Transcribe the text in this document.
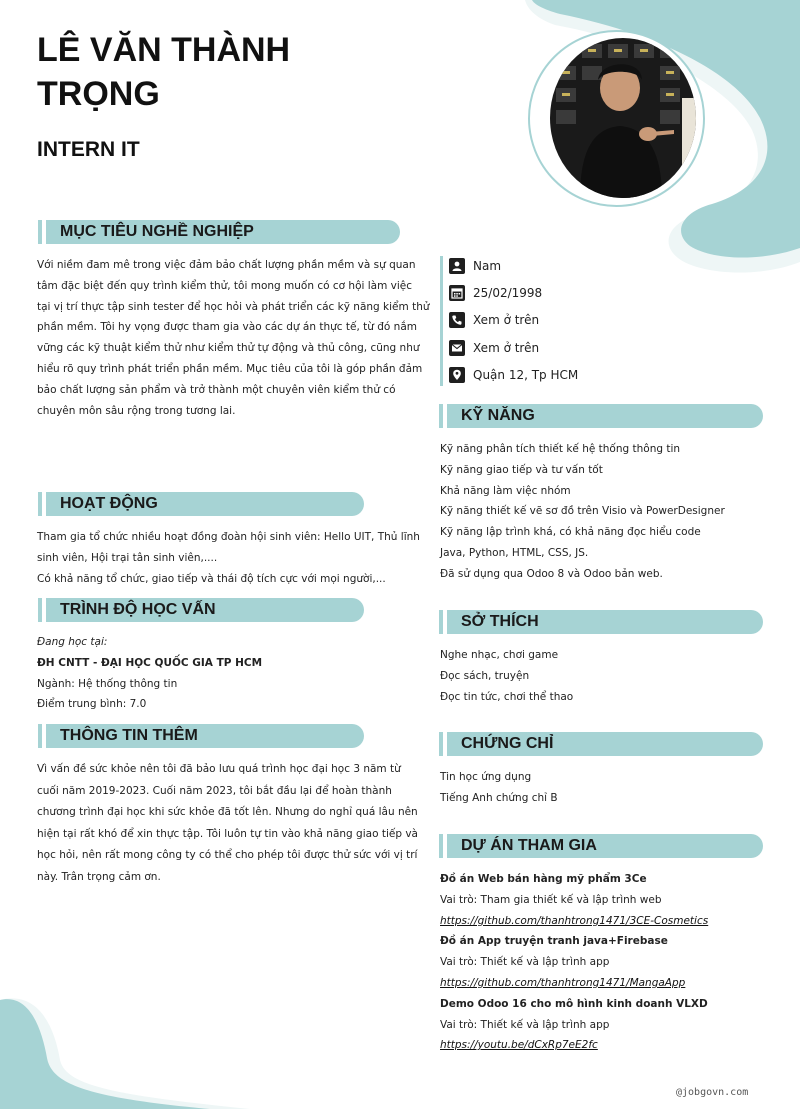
LÊ VĂN THÀNH
TRỌNG
INTERN IT
MỤC TIÊU NGHỀ NGHIỆP
Với niềm đam mê trong việc đảm bảo chất lượng phần mềm và sự quan
tâm đặc biệt đến quy trình kiểm thử, tôi mong muốn có cơ hội làm việc
tại vị trí thực tập sinh tester để học hỏi và phát triển các kỹ năng kiểm thử
phần mềm. Tôi hy vọng được tham gia vào các dự án thực tế, từ đó nắm
vững các kỹ thuật kiểm thử như kiểm thử tự động và thủ công, cũng như
hiểu rõ quy trình phát triển phần mềm. Mục tiêu của tôi là góp phần đảm
bảo chất lượng sản phẩm và trở thành một chuyên viên kiểm thử có
chuyên môn sâu rộng trong tương lai.
HOẠT ĐỘNG
Tham gia tổ chức nhiều hoạt đồng đoàn hội sinh viên: Hello UIT, Thủ lĩnh
sinh viên, Hội trại tân sinh viên,....
Có khả năng tổ chức, giao tiếp và thái độ tích cực với mọi người,...
TRÌNH ĐỘ HỌC VẤN
Đang học tại:
ĐH CNTT - ĐẠI HỌC QUỐC GIA TP HCM
Ngành: Hệ thống thông tin
Điểm trung bình: 7.0
THÔNG TIN THÊM
Vì vấn đề sức khỏe nên tôi đã bảo lưu quá trình học đại học 3 năm từ
cuối năm 2019-2023. Cuối năm 2023, tôi bắt đầu lại để hoàn thành
chương trình đại học khi sức khỏe đã tốt lên. Nhưng do nghỉ quá lâu nên
hiện tại rất khó để xin thực tập. Tôi luôn tự tin vào khả năng giao tiếp và
học hỏi, nên rất mong công ty có thể cho phép tôi được thử sức với vị trí
này. Trân trọng cảm ơn.
Nam
25/02/1998
Xem ở trên
Xem ở trên
Quận 12, Tp HCM
KỸ NĂNG
Kỹ năng phân tích thiết kế hệ thống thông tin
Kỹ năng giao tiếp và tư vấn tốt
Khả năng làm việc nhóm
Kỹ năng thiết kế vẽ sơ đồ trên Visio và PowerDesigner
Kỹ năng lập trình khá, có khả năng đọc hiểu code
Java, Python, HTML, CSS, JS.
Đã sử dụng qua Odoo 8 và Odoo bản web.
SỞ THÍCH
Nghe nhạc, chơi game
Đọc sách, truyện
Đọc tin tức, chơi thể thao
CHỨNG CHỈ
Tin học ứng dụng
Tiếng Anh chứng chỉ B
DỰ ÁN THAM GIA
Đồ án Web bán hàng mỹ phẩm 3Ce
Vai trò: Tham gia thiết kế và lập trình web
https://github.com/thanhtrong1471/3CE-Cosmetics
Đồ án App truyện tranh java+Firebase
Vai trò: Thiết kế và lập trình app
https://github.com/thanhtrong1471/MangaApp
Demo Odoo 16 cho mô hình kinh doanh VLXD
Vai trò: Thiết kế và lập trình app
https://youtu.be/dCxRp7eE2fc
@jobgovn.com
